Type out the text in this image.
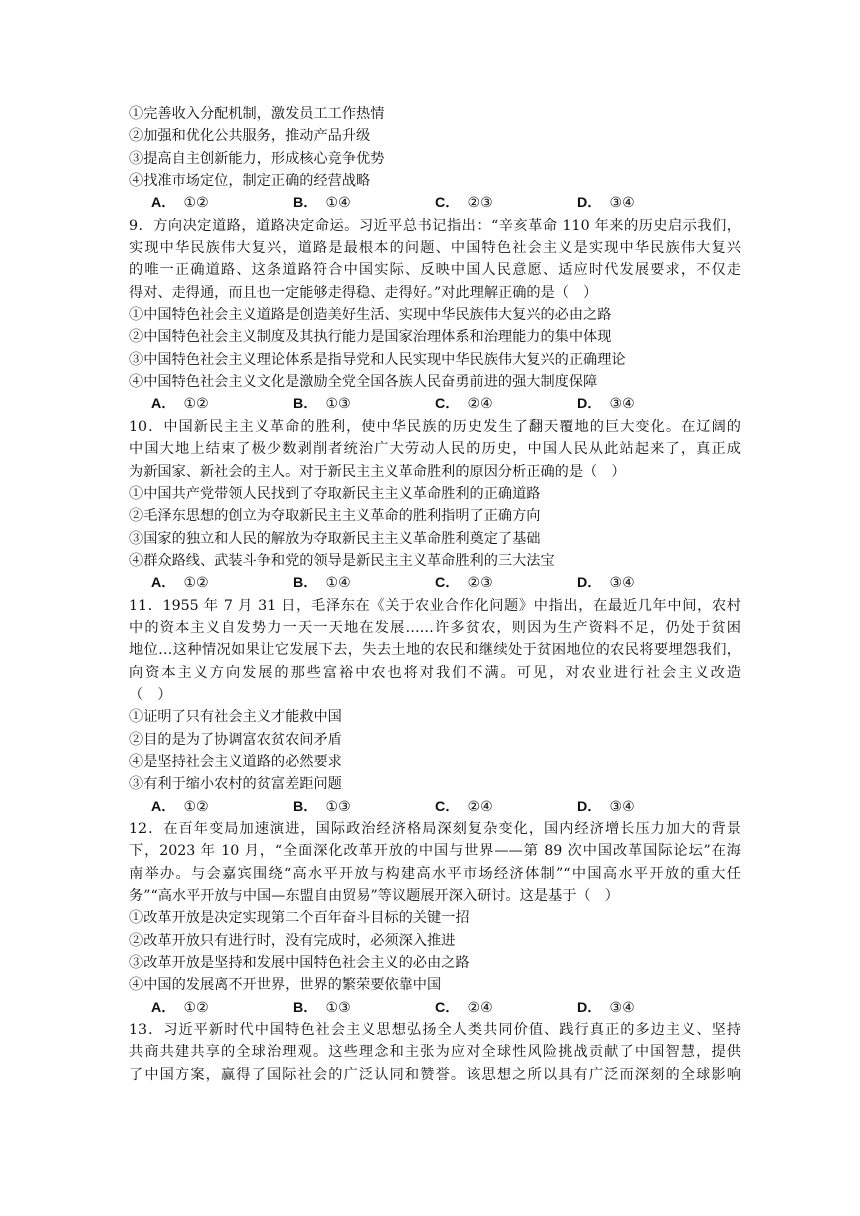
①完善收入分配机制，激发员工工作热情
②加强和优化公共服务，推动产品升级
③提高自主创新能力，形成核心竞争优势
④找准市场定位，制定正确的经营战略
A． ①②	B． ①④	C． ②③	D． ③④
9．方向决定道路，道路决定命运。习近平总书记指出：“辛亥革命 110 年来的历史启示我们，
实现中华民族伟大复兴，道路是最根本的问题、中国特色社会主义是实现中华民族伟大复兴
的唯一正确道路、这条道路符合中国实际、反映中国人民意愿、适应时代发展要求，不仅走
得对、走得通，而且也一定能够走得稳、走得好。”对此理解正确的是（　）
①中国特色社会主义道路是创造美好生活、实现中华民族伟大复兴的必由之路
②中国特色社会主义制度及其执行能力是国家治理体系和治理能力的集中体现
③中国特色社会主义理论体系是指导党和人民实现中华民族伟大复兴的正确理论
④中国特色社会主义文化是激励全党全国各族人民奋勇前进的强大制度保障
A． ①②	B． ①③	C． ②④	D． ③④
10．中国新民主主义革命的胜利，使中华民族的历史发生了翻天覆地的巨大变化。在辽阔的
中国大地上结束了极少数剥削者统治广大劳动人民的历史，中国人民从此站起来了，真正成
为新国家、新社会的主人。对于新民主主义革命胜利的原因分析正确的是（　）
①中国共产党带领人民找到了夺取新民主主义革命胜利的正确道路
②毛泽东思想的创立为夺取新民主主义革命的胜利指明了正确方向
③国家的独立和人民的解放为夺取新民主主义革命胜利奠定了基础
④群众路线、武装斗争和党的领导是新民主主义革命胜利的三大法宝
A． ①②	B． ①④	C． ②③	D． ③④
11．1955 年 7 月 31 日，毛泽东在《关于农业合作化问题》中指出，在最近几年中间，农村
中的资本主义自发势力一天一天地在发展……许多贫农，则因为生产资料不足，仍处于贫困
地位…这种情况如果让它发展下去，失去土地的农民和继续处于贫困地位的农民将要埋怨我们，
向资本主义方向发展的那些富裕中农也将对我们不满。可见，对农业进行社会主义改造
（　）
①证明了只有社会主义才能救中国
②目的是为了协调富农贫农间矛盾
④是坚持社会主义道路的必然要求
③有利于缩小农村的贫富差距问题
A． ①②	B． ①③	C． ②④	D． ③④
12．在百年变局加速演进，国际政治经济格局深刻复杂变化，国内经济增长压力加大的背景
下，2023 年 10 月，“全面深化改革开放的中国与世界——第 89 次中国改革国际论坛”在海
南举办。与会嘉宾围绕“高水平开放与构建高水平市场经济体制”“中国高水平开放的重大任
务”“高水平开放与中国—东盟自由贸易”等议题展开深入研讨。这是基于（　）
①改革开放是决定实现第二个百年奋斗目标的关键一招
②改革开放只有进行时，没有完成时，必须深入推进
③改革开放是坚持和发展中国特色社会主义的必由之路
④中国的发展离不开世界，世界的繁荣要依靠中国
A． ①②	B． ①③	C． ②④	D． ③④
13．习近平新时代中国特色社会主义思想弘扬全人类共同价值、践行真正的多边主义、坚持
共商共建共享的全球治理观。这些理念和主张为应对全球性风险挑战贡献了中国智慧，提供
了中国方案，赢得了国际社会的广泛认同和赞誉。该思想之所以具有广泛而深刻的全球影响
